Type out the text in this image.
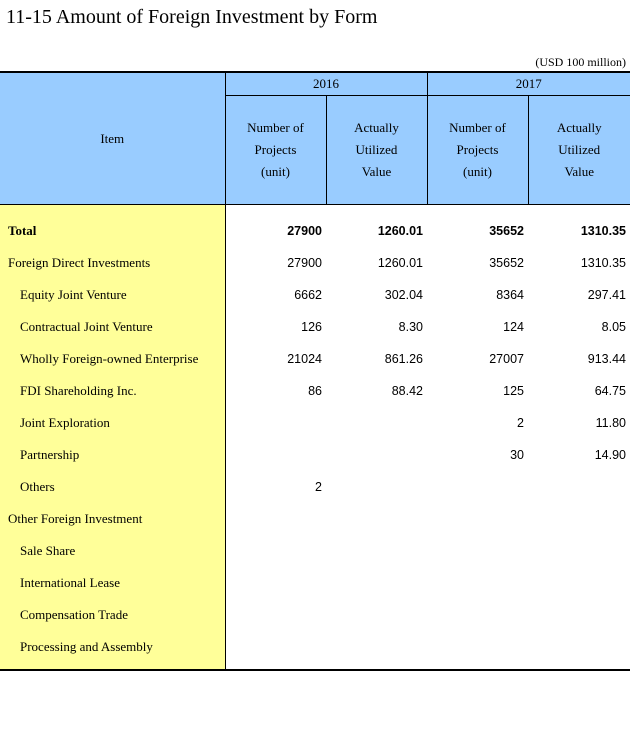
11-15 Amount of Foreign Investment by Form
(USD 100 million)
Item	2016		2017	

	Number of
Projects
(unit)	Actually
Utilized
Value	Number of
Projects
(unit)	Actually
Utilized
Value

Total	27900	1260.01	35652	1310.35
Foreign Direct Investments	27900	1260.01	35652	1310.35
Equity Joint Venture	6662	302.04	8364	297.41
Contractual Joint Venture	126	8.30	124	8.05
Wholly Foreign-owned Enterprise	21024	861.26	27007	913.44
FDI Shareholding Inc.	86	88.42	125	64.75
Joint Exploration			2	11.80
Partnership			30	14.90
Others	2			
Other Foreign Investment				
Sale Share				
International Lease				
Compensation Trade				
Processing and Assembly				
